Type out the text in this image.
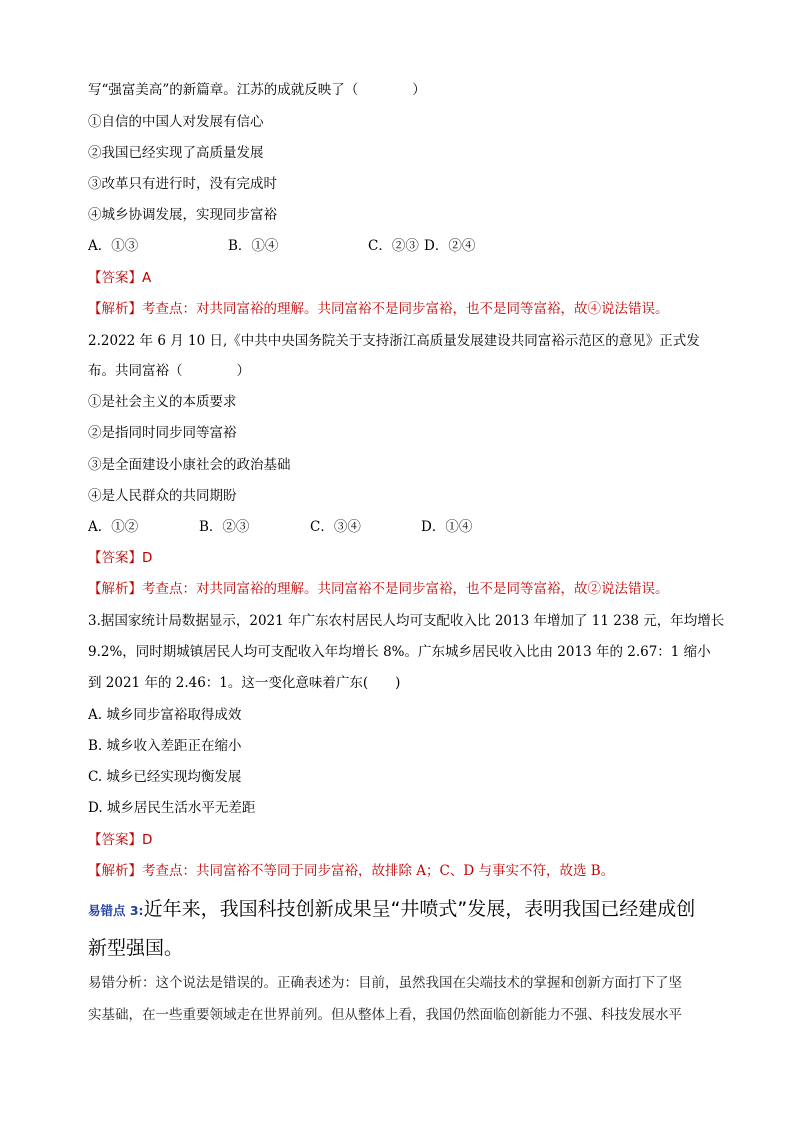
写“强富美高”的新篇章。江苏的成就反映了（　　　　）
①自信的中国人对发展有信心
②我国已经实现了高质量发展
③改革只有进行时，没有完成时
④城乡协调发展，实现同步富裕
A．①③	B．①④	C．②③ D．②④
【答案】A
【解析】考查点：对共同富裕的理解。共同富裕不是同步富裕，也不是同等富裕，故④说法错误。
2.2022 年 6 月 10 日,《中共中央国务院关于支持浙江高质量发展建设共同富裕示范区的意见》正式发
布。共同富裕（　　　　）
①是社会主义的本质要求
②是指同时同步同等富裕
③是全面建设小康社会的政治基础
④是人民群众的共同期盼
A．①②	B．②③	C．③④	D．①④
【答案】D
【解析】考查点：对共同富裕的理解。共同富裕不是同步富裕，也不是同等富裕，故②说法错误。
3.据国家统计局数据显示，2021 年广东农村居民人均可支配收入比 2013 年增加了 11 238 元，年均增长
9.2%，同时期城镇居民人均可支配收入年均增长 8%。广东城乡居民收入比由 2013 年的 2.67：1 缩小
到 2021 年的 2.46：1。这一变化意味着广东(　　)
A. 城乡同步富裕取得成效
B. 城乡收入差距正在缩小
C. 城乡已经实现均衡发展
D. 城乡居民生活水平无差距
【答案】D
【解析】考查点：共同富裕不等同于同步富裕，故排除 A；C、D 与事实不符，故选 B。
易错点 3:近年来，我国科技创新成果呈“井喷式”发展，表明我国已经建成创
新型强国。
易错分析：这个说法是错误的。正确表述为：目前，虽然我国在尖端技术的掌握和创新方面打下了坚
实基础，在一些重要领域走在世界前列。但从整体上看，我国仍然面临创新能力不强、科技发展水平
